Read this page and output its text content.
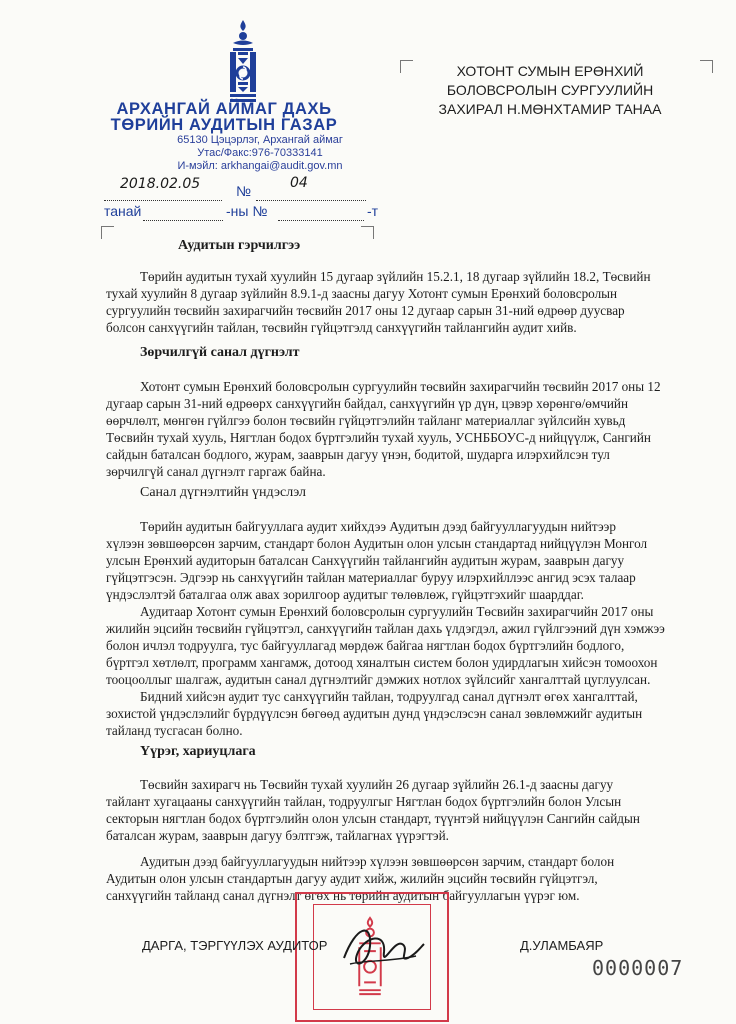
АРХАНГАЙ АЙМАГ ДАХЬ
ТӨРИЙН АУДИТЫН ГАЗАР
65130 Цэцэрлэг, Архангай аймаг
Утас/Факс:976-70333141
И-мэйл: arkhangai@audit.gov.mn
ХОТОНТ СУМЫН ЕРӨНХИЙ
БОЛОВСРОЛЫН СУРГУУЛИЙН
ЗАХИРАЛ Н.МӨНХТАМИР ТАНАА
2018.02.05	№	04
танай	-ны №	-т
Аудитын гэрчилгээ
Төрийн аудитын тухай хуулийн 15 дугаар зүйлийн 15.2.1, 18 дугаар зүйлийн 18.2, Төсвийн
тухай хуулийн 8 дугаар зүйлийн 8.9.1-д заасны дагуу Хотонт сумын Ерөнхий боловсролын
сургуулийн төсвийн захирагчийн төсвийн 2017 оны 12 дугаар сарын 31-ний өдрөөр дуусвар
болсон санхүүгийн тайлан, төсвийн гүйцэтгэлд санхүүгийн тайлангийн аудит хийв.
Зөрчилгүй санал дүгнэлт
Хотонт сумын Ерөнхий боловсролын сургуулийн төсвийн захирагчийн төсвийн 2017 оны 12
дугаар сарын 31-ний өдрөөрх санхүүгийн байдал, санхүүгийн үр дүн, цэвэр хөрөнгө/өмчийн
өөрчлөлт, мөнгөн гүйлгээ болон төсвийн гүйцэтгэлийн тайланг материаллаг зүйлсийн хувьд
Төсвийн тухай хууль, Нягтлан бодох бүртгэлийн тухай хууль, УСНББОУС-д нийцүүлж, Сангийн
сайдын баталсан бодлого, журам, зааврын дагуу үнэн, бодитой, шударга илэрхийлсэн тул
зөрчилгүй санал дүгнэлт гаргаж байна.
Санал дүгнэлтийн үндэслэл
Төрийн аудитын байгууллага аудит хийхдээ Аудитын дээд байгууллагуудын нийтээр
хүлээн зөвшөөрсөн зарчим, стандарт болон Аудитын олон улсын стандартад нийцүүлэн Монгол
улсын Ерөнхий аудиторын баталсан Санхүүгийн тайлангийн аудитын журам, зааврын дагуу
гүйцэтгэсэн. Эдгээр нь санхүүгийн тайлан материаллаг буруу илэрхийллээс ангид эсэх талаар
үндэслэлтэй баталгаа олж авах зорилгоор аудитыг төлөвлөж, гүйцэтгэхийг шаарддаг.
Аудитаар Хотонт сумын Ерөнхий боловсролын сургуулийн Төсвийн захирагчийн 2017 оны
жилийн эцсийн төсвийн гүйцэтгэл, санхүүгийн тайлан дахь үлдэгдэл, ажил гүйлгээний дүн хэмжээ
болон ичлэл тодруулга, тус байгууллагад мөрдөж байгаа нягтлан бодох бүртгэлийн бодлого,
бүртгэл хөтлөлт, программ хангамж, дотоод хяналтын систем болон удирдлагын хийсэн томоохон
тооцооллыг шалгаж, аудитын санал дүгнэлтийг дэмжих нотлох зүйлсийг хангалттай цуглуулсан.
Бидний хийсэн аудит тус санхүүгийн тайлан, тодруулгад санал дүгнэлт өгөх хангалттай,
зохистой үндэслэлийг бүрдүүлсэн бөгөөд аудитын дунд үндэслэсэн санал зөвлөмжийг аудитын
тайланд тусгасан болно.
Үүрэг, хариуцлага
Төсвийн захирагч нь Төсвийн тухай хуулийн 26 дугаар зүйлийн 26.1-д заасны дагуу
тайлант хугацааны санхүүгийн тайлан, тодруулгыг Нягтлан бодох бүртгэлийн болон Улсын
секторын нягтлан бодох бүртгэлийн олон улсын стандарт, түүнтэй нийцүүлэн Сангийн сайдын
баталсан журам, зааврын дагуу бэлтгэж, тайлагнах үүрэгтэй.
Аудитын дээд байгууллагуудын нийтээр хүлээн зөвшөөрсөн зарчим, стандарт болон
Аудитын олон улсын стандартын дагуу аудит хийж, жилийн эцсийн төсвийн гүйцэтгэл,
санхүүгийн тайланд санал дүгнэлт өгөх нь төрийн аудитын байгууллагын үүрэг юм.
ДАРГА, ТЭРГҮҮЛЭХ АУДИТОР	Д.УЛАМБАЯР
0000007
